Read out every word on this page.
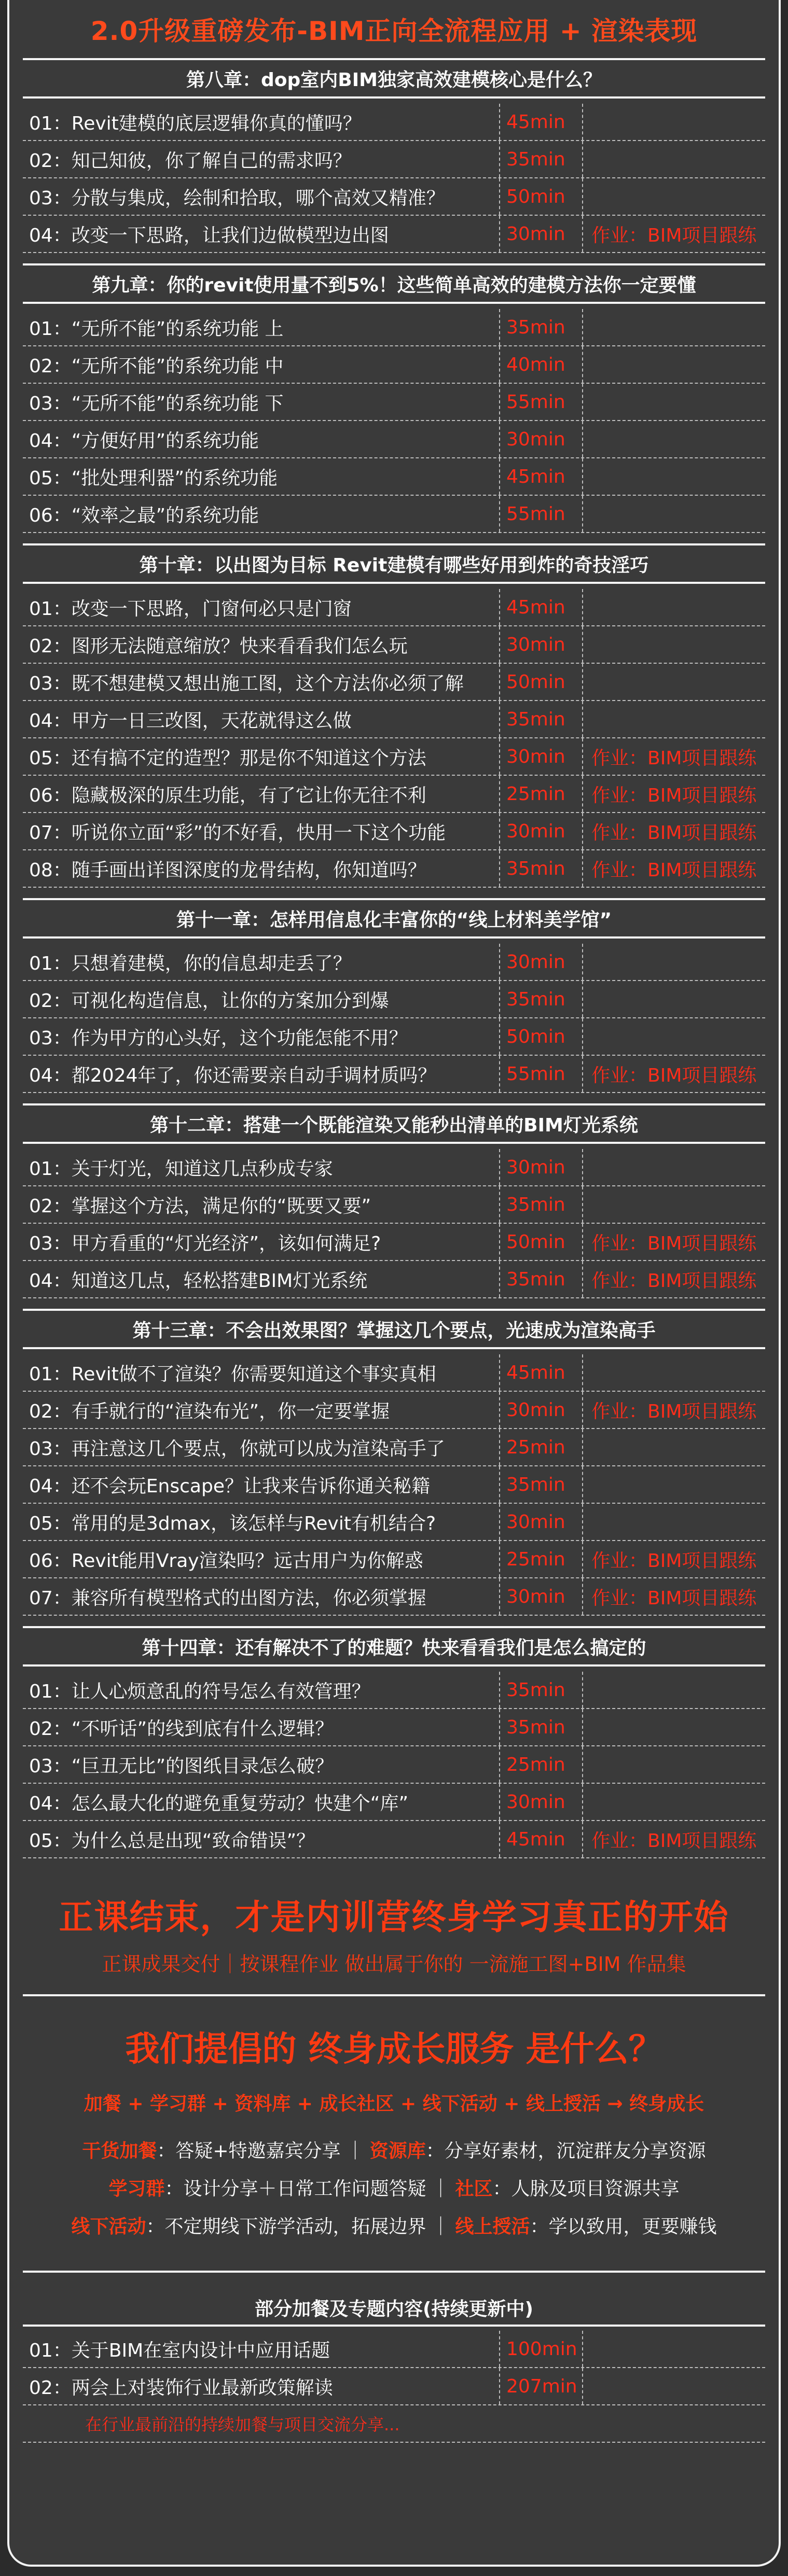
2.0升级重磅发布-BIM正向全流程应用 + 渲染表现
第八章：dop室内BIM独家高效建模核心是什么？
01：Revit建模的底层逻辑你真的懂吗？	45min
02：知己知彼，你了解自己的需求吗？	35min
03：分散与集成，绘制和拾取，哪个高效又精准？	50min
04：改变一下思路，让我们边做模型边出图	30min	作业：BIM项目跟练
第九章：你的revit使用量不到5%！这些简单高效的建模方法你一定要懂
01：“无所不能”的系统功能 上	35min
02：“无所不能”的系统功能 中	40min
03：“无所不能”的系统功能 下	55min
04：“方便好用”的系统功能	30min
05：“批处理利器”的系统功能	45min
06：“效率之最”的系统功能	55min
第十章：以出图为目标 Revit建模有哪些好用到炸的奇技淫巧
01：改变一下思路，门窗何必只是门窗	45min
02：图形无法随意缩放？快来看看我们怎么玩	30min
03：既不想建模又想出施工图，这个方法你必须了解	50min
04：甲方一日三改图，天花就得这么做	35min
05：还有搞不定的造型？那是你不知道这个方法	30min	作业：BIM项目跟练
06：隐藏极深的原生功能，有了它让你无往不利	25min	作业：BIM项目跟练
07：听说你立面“彩”的不好看，快用一下这个功能	30min	作业：BIM项目跟练
08：随手画出详图深度的龙骨结构，你知道吗？	35min	作业：BIM项目跟练
第十一章：怎样用信息化丰富你的“线上材料美学馆”
01：只想着建模，你的信息却走丢了？	30min
02：可视化构造信息，让你的方案加分到爆	35min
03：作为甲方的心头好，这个功能怎能不用？	50min
04：都2024年了，你还需要亲自动手调材质吗？	55min	作业：BIM项目跟练
第十二章：搭建一个既能渲染又能秒出清单的BIM灯光系统
01：关于灯光，知道这几点秒成专家	30min
02：掌握这个方法，满足你的“既要又要”	35min
03：甲方看重的“灯光经济”，该如何满足?	50min	作业：BIM项目跟练
04：知道这几点，轻松搭建BIM灯光系统	35min	作业：BIM项目跟练
第十三章：不会出效果图？掌握这几个要点，光速成为渲染高手
01：Revit做不了渲染？你需要知道这个事实真相	45min
02：有手就行的“渲染布光”，你一定要掌握	30min	作业：BIM项目跟练
03：再注意这几个要点，你就可以成为渲染高手了	25min
04：还不会玩Enscape？让我来告诉你通关秘籍	35min
05：常用的是3dmax，该怎样与Revit有机结合?	30min
06：Revit能用Vray渲染吗？远古用户为你解惑	25min	作业：BIM项目跟练
07：兼容所有模型格式的出图方法，你必须掌握	30min	作业：BIM项目跟练
第十四章：还有解决不了的难题？快来看看我们是怎么搞定的
01：让人心烦意乱的符号怎么有效管理？	35min
02：“不听话”的线到底有什么逻辑？	35min
03：“巨丑无比”的图纸目录怎么破？	25min
04：怎么最大化的避免重复劳动？快建个“库”	30min
05：为什么总是出现“致命错误”？	45min	作业：BIM项目跟练
正课结束，才是内训营终身学习真正的开始
正课成果交付｜按课程作业 做出属于你的 一流施工图+BIM 作品集
我们提倡的 终身成长服务 是什么？
加餐 + 学习群 + 资料库 + 成长社区 + 线下活动 + 线上授活 → 终身成长
干货加餐：答疑+特邀嘉宾分享 ｜ 资源库：分享好素材，沉淀群友分享资源
学习群：设计分享＋日常工作问题答疑 ｜ 社区：人脉及项目资源共享
线下活动：不定期线下游学活动，拓展边界 ｜ 线上授活：学以致用，更要赚钱
部分加餐及专题内容(持续更新中)
01：关于BIM在室内设计中应用话题	100min
02：两会上对装饰行业最新政策解读	207min
在行业最前沿的持续加餐与项目交流分享...
